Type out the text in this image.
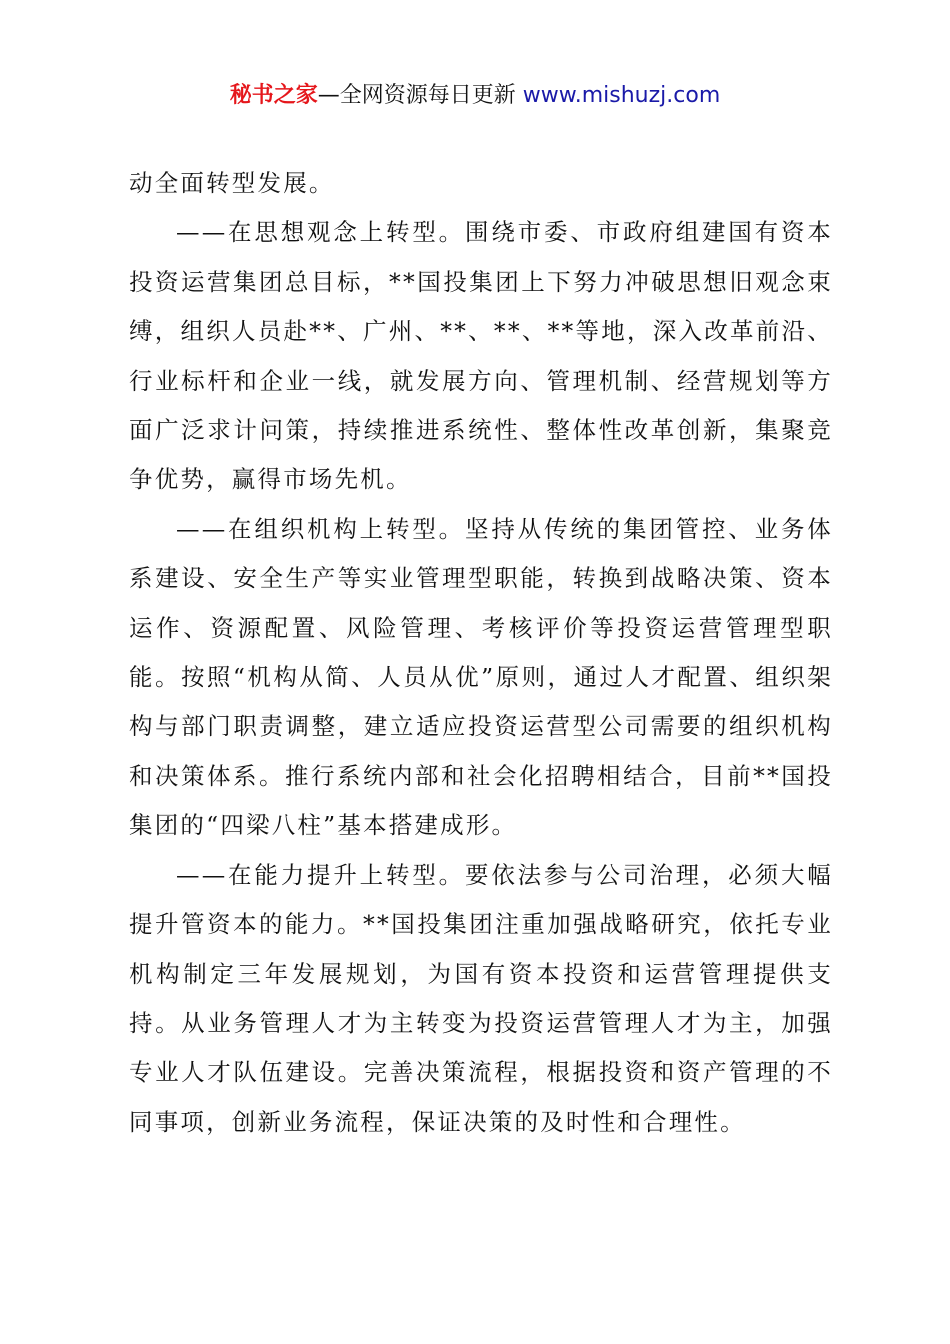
秘书之家—全网资源每日更新 www.mishuzj.com

动全面转型发展。

——在思想观念上转型。围绕市委、市政府组建国有资本投资运营集团总目标，**国投集团上下努力冲破思想旧观念束缚，组织人员赴**、广州、**、**、**等地，深入改革前沿、行业标杆和企业一线，就发展方向、管理机制、经营规划等方面广泛求计问策，持续推进系统性、整体性改革创新，集聚竞争优势，赢得市场先机。

——在组织机构上转型。坚持从传统的集团管控、业务体系建设、安全生产等实业管理型职能，转换到战略决策、资本运作、资源配置、风险管理、考核评价等投资运营管理型职能。按照“机构从简、人员从优”原则，通过人才配置、组织架构与部门职责调整，建立适应投资运营型公司需要的组织机构和决策体系。推行系统内部和社会化招聘相结合，目前**国投集团的“四梁八柱”基本搭建成形。

——在能力提升上转型。要依法参与公司治理，必须大幅提升管资本的能力。**国投集团注重加强战略研究，依托专业机构制定三年发展规划，为国有资本投资和运营管理提供支持。从业务管理人才为主转变为投资运营管理人才为主，加强专业人才队伍建设。完善决策流程，根据投资和资产管理的不同事项，创新业务流程，保证决策的及时性和合理性。
